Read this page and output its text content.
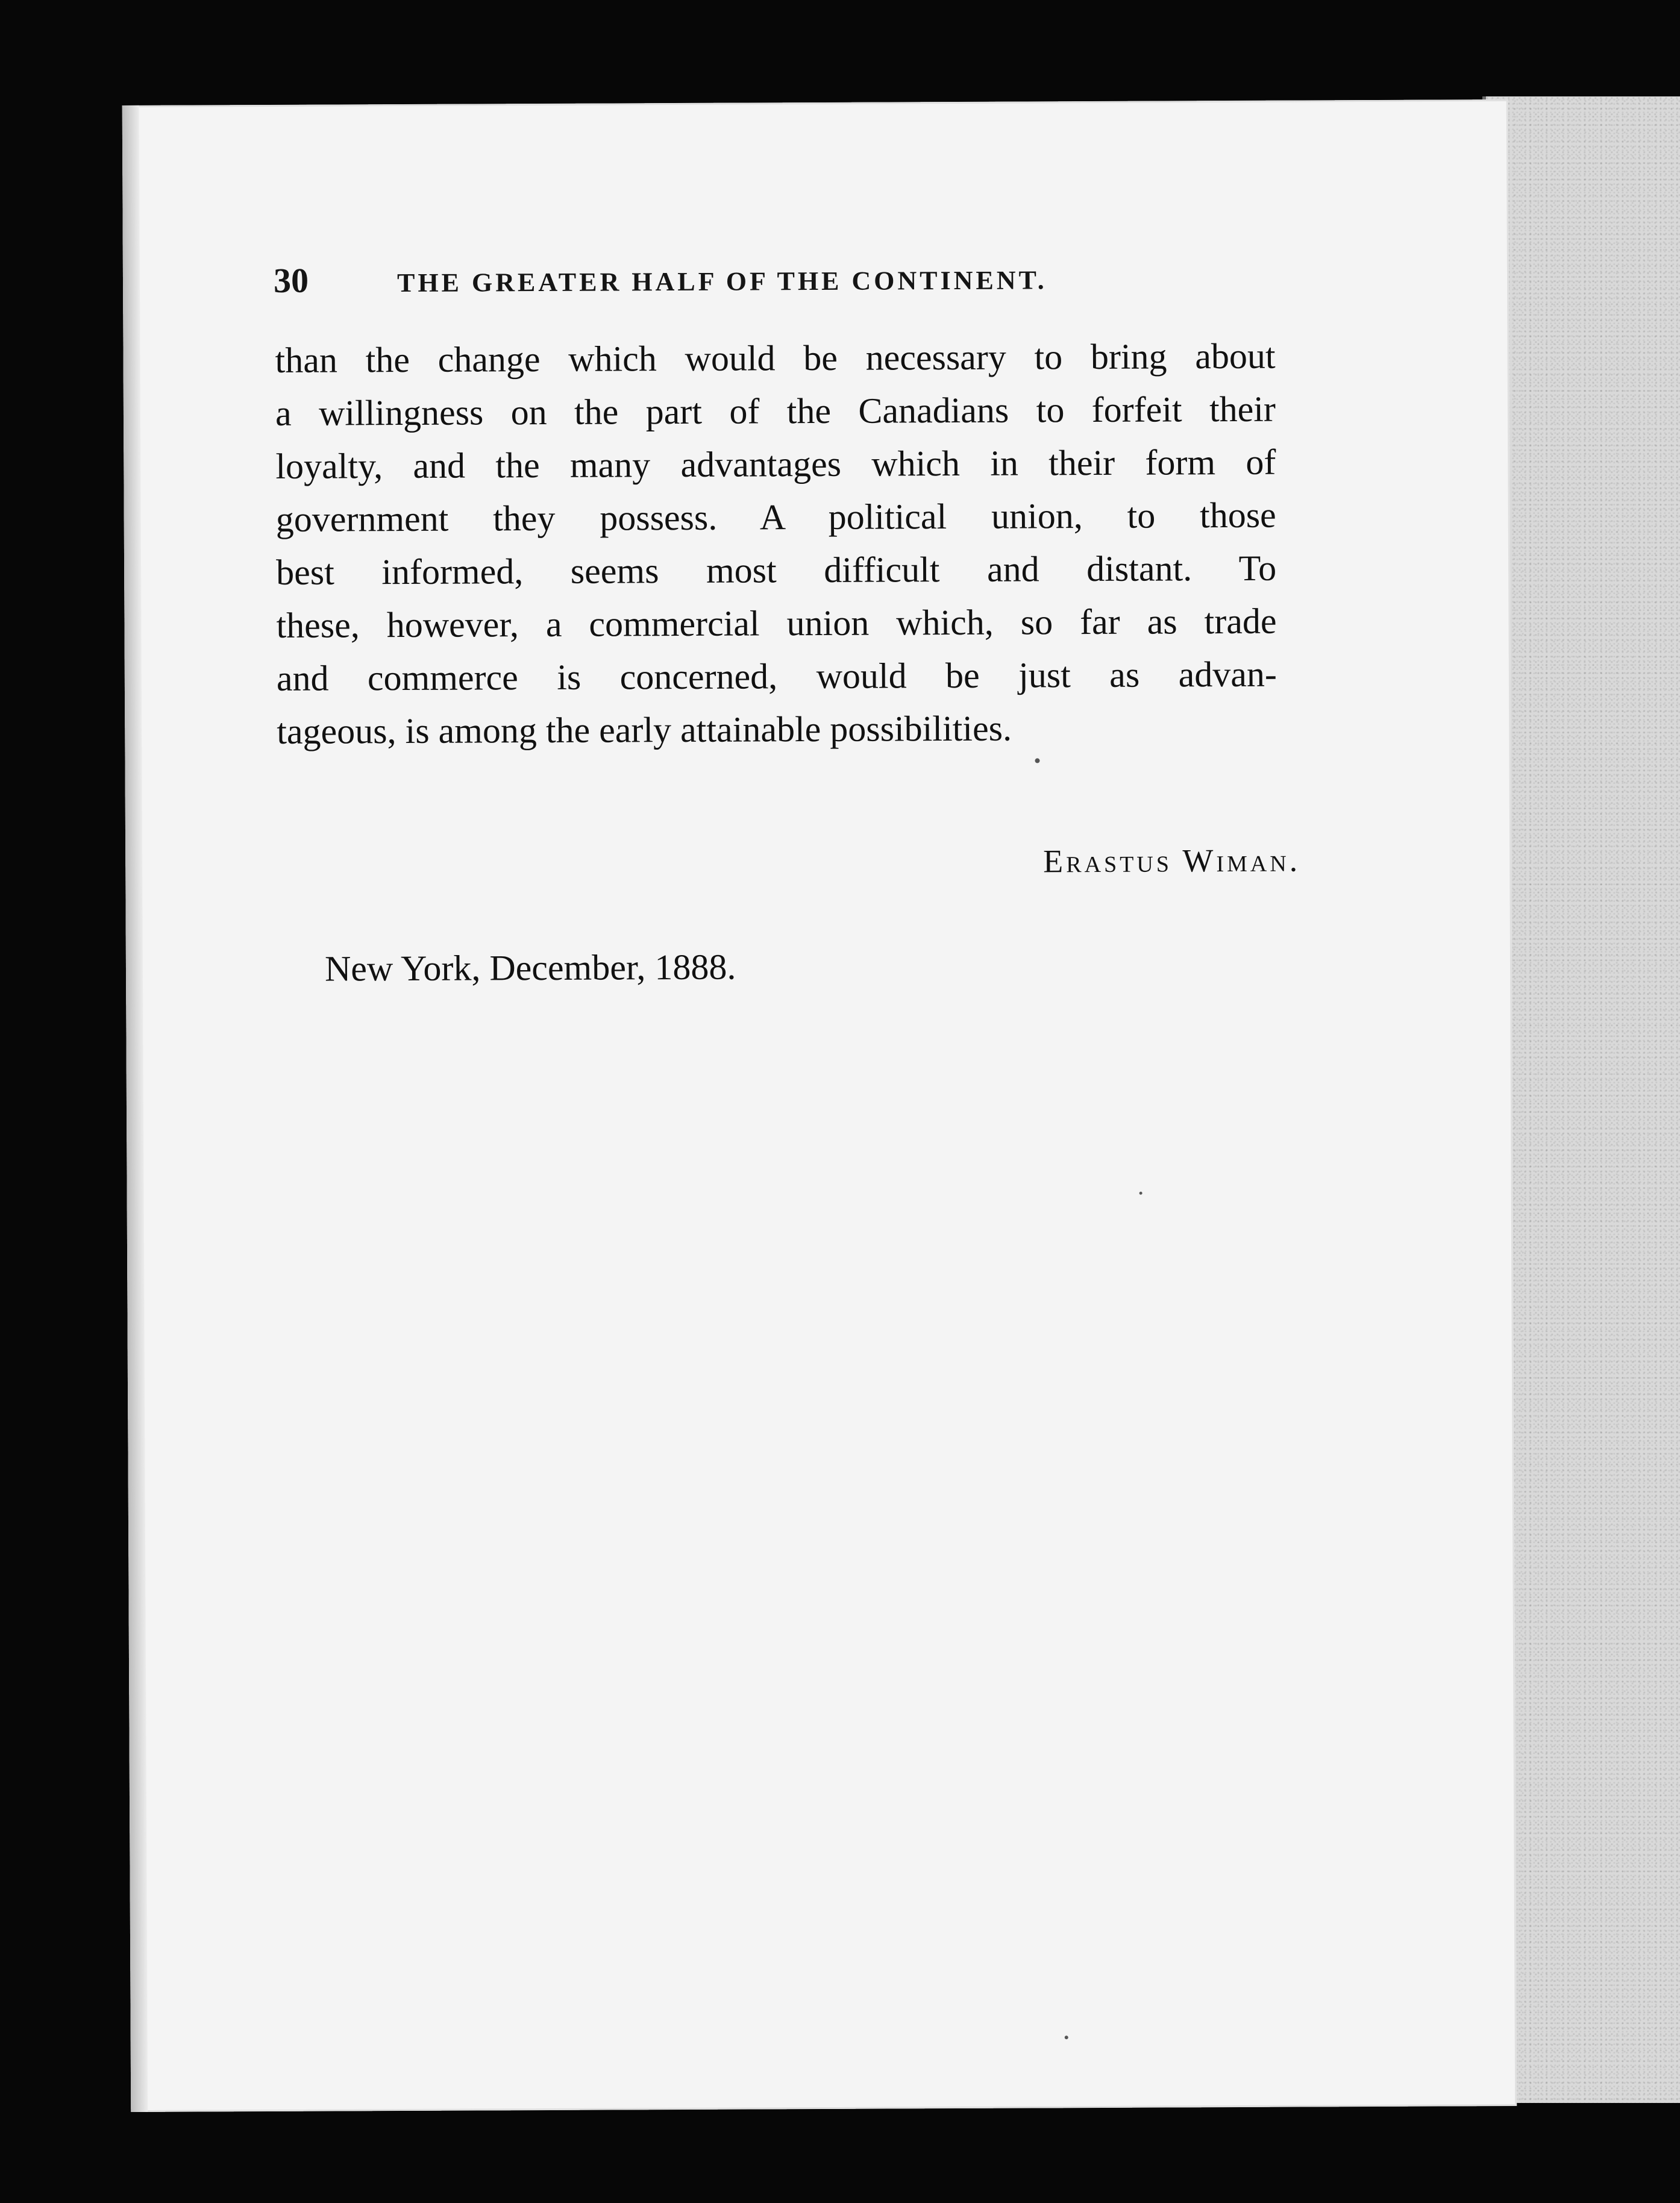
30	THE GREATER HALF OF THE CONTINENT.

than the change which would be necessary to bring about
a willingness on the part of the Canadians to forfeit their
loyalty, and the many advantages which in their form of
government they possess. A political union, to those
best informed, seems most difficult and distant. To
these, however, a commercial union which, so far as trade
and commerce is concerned, would be just as advan-
tageous, is among the early attainable possibilities.

Erastus Wiman.
New York, December, 1888.
